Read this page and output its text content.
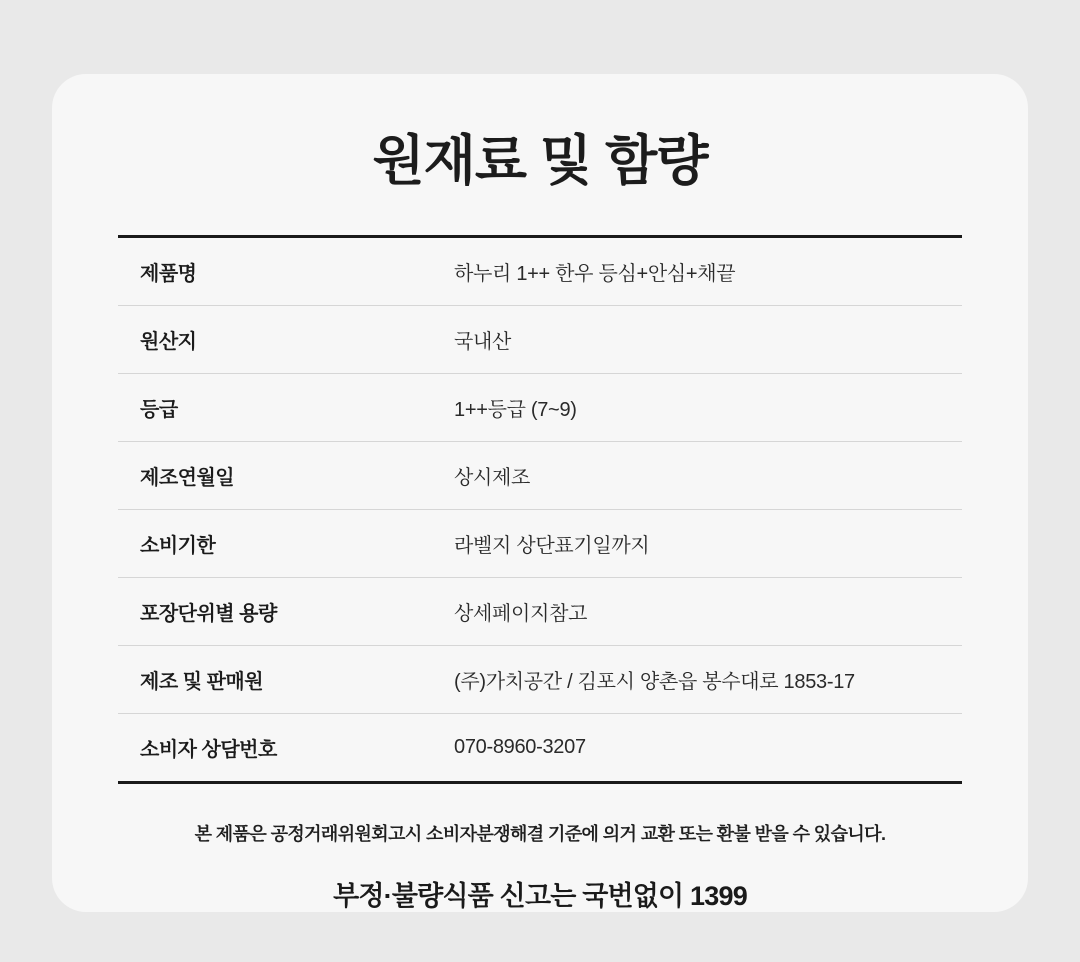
원재료 및 함량
제품명	하누리 1++ 한우 등심+안심+채끝
원산지	국내산
등급	1++등급 (7~9)
제조연월일	상시제조
소비기한	라벨지 상단표기일까지
포장단위별 용량	상세페이지참고
제조 및 판매원	(주)가치공간 / 김포시 양촌읍 봉수대로 1853-17
소비자 상담번호	070-8960-3207
본 제품은 공정거래위원회고시 소비자분쟁해결 기준에 의거 교환 또는 환불 받을 수 있습니다.
부정·불량식품 신고는 국번없이 1399
